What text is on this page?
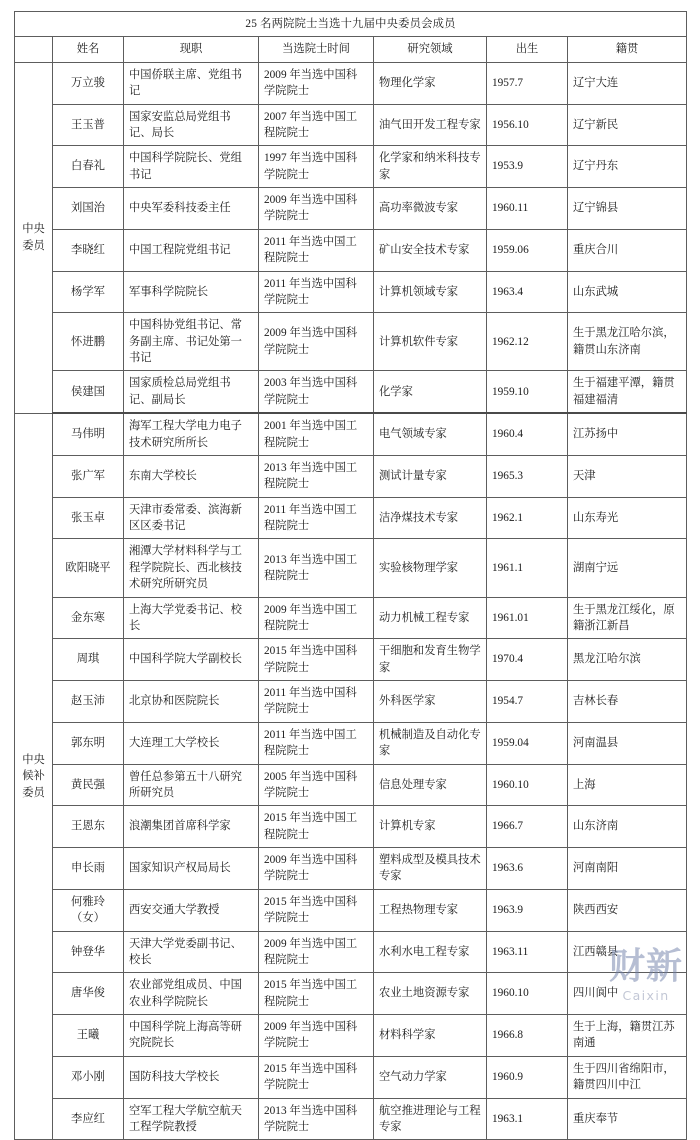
25 名两院院士当选十九届中央委员会成员						
	姓名	现职	当选院士时间	研究领域	出生	籍贯
中央
委员	万立骏	中国侨联主席、党组书记	2009 年当选中国科学院院士	物理化学家	1957.7	辽宁大连
	王玉普	国家安监总局党组书记、局长	2007 年当选中国工程院院士	油气田开发工程专家	1956.10	辽宁新民
	白春礼	中国科学院院长、党组书记	1997 年当选中国科学院院士	化学家和纳米科技专家	1953.9	辽宁丹东
	刘国治	中央军委科技委主任	2009 年当选中国科学院院士	高功率微波专家	1960.11	辽宁锦县
	李晓红	中国工程院党组书记	2011 年当选中国工程院院士	矿山安全技术专家	1959.06	重庆合川
	杨学军	军事科学院院长	2011 年当选中国科学院院士	计算机领域专家	1963.4	山东武城
	怀进鹏	中国科协党组书记、常务副主席、书记处第一书记	2009 年当选中国科学院院士	计算机软件专家	1962.12	生于黑龙江哈尔滨，籍贯山东济南
	侯建国	国家质检总局党组书记、副局长	2003 年当选中国科学院院士	化学家	1959.10	生于福建平潭，籍贯福建福清
中央
候补
委员	马伟明	海军工程大学电力电子技术研究所所长	2001 年当选中国工程院院士	电气领域专家	1960.4	江苏扬中
	张广军	东南大学校长	2013 年当选中国工程院院士	测试计量专家	1965.3	天津
	张玉卓	天津市委常委、滨海新区区委书记	2011 年当选中国工程院院士	洁净煤技术专家	1962.1	山东寿光
	欧阳晓平	湘潭大学材料科学与工程学院院长、西北核技术研究所研究员	2013 年当选中国工程院院士	实验核物理学家	1961.1	湖南宁远
	金东寒	上海大学党委书记、校长	2009 年当选中国工程院院士	动力机械工程专家	1961.01	生于黑龙江绥化，原籍浙江新昌
	周琪	中国科学院大学副校长	2015 年当选中国科学院院士	干细胞和发育生物学家	1970.4	黑龙江哈尔滨
	赵玉沛	北京协和医院院长	2011 年当选中国科学院院士	外科医学家	1954.7	吉林长春
	郭东明	大连理工大学校长	2011 年当选中国工程院院士	机械制造及自动化专家	1959.04	河南温县
	黄民强	曾任总参第五十八研究所研究员	2005 年当选中国科学院院士	信息处理专家	1960.10	上海
	王恩东	浪潮集团首席科学家	2015 年当选中国工程院院士	计算机专家	1966.7	山东济南
	申长雨	国家知识产权局局长	2009 年当选中国科学院院士	塑料成型及模具技术专家	1963.6	河南南阳
	何雅玲（女）	西安交通大学教授	2015 年当选中国科学院院士	工程热物理专家	1963.9	陕西西安
	钟登华	天津大学党委副书记、校长	2009 年当选中国工程院院士	水利水电工程专家	1963.11	江西赣县
	唐华俊	农业部党组成员、中国农业科学院院长	2015 年当选中国工程院院士	农业土地资源专家	1960.10	四川阆中
	王曦	中国科学院上海高等研究院院长	2009 年当选中国科学院院士	材料科学家	1966.8	生于上海，籍贯江苏南通
	邓小刚	国防科技大学校长	2015 年当选中国科学院院士	空气动力学家	1960.9	生于四川省绵阳市，籍贯四川中江
	李应红	空军工程大学航空航天工程学院教授	2013 年当选中国科学院院士	航空推进理论与工程专家	1963.1	重庆奉节
财新
Caixin
